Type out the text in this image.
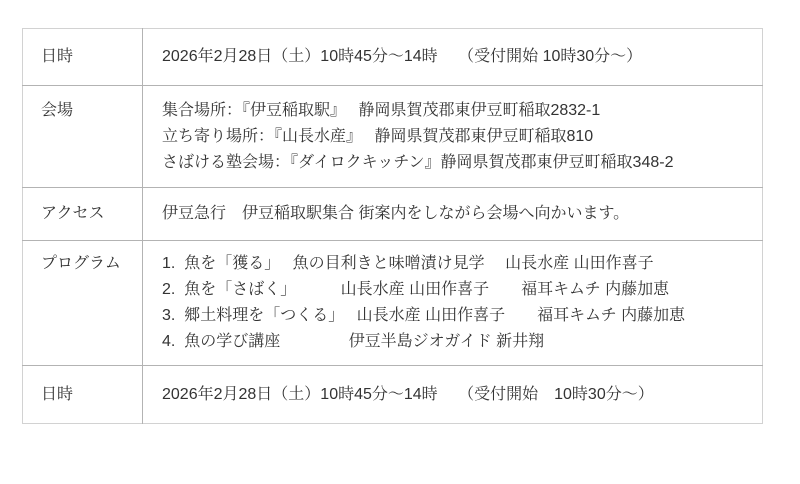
日時	2026年2月28日（土）10時45分～14時　 （受付開始 10時30分～）

会場	集合場所：『伊豆稲取駅』　 静岡県賀茂郡東伊豆町稲取2832-1
立ち寄り場所：『山長水産』　 静岡県賀茂郡東伊豆町稲取810
さばける塾会場：『ダイロクキッチン』静岡県賀茂郡東伊豆町稲取348-2

アクセス	伊豆急行　伊豆稲取駅集合 街案内をしながら会場へ向かいます。

プログラム	1.  魚を「獲る」　 魚の目利きと味噌漬け見学　 山長水産 山田作喜子
2.  魚を「さばく」　　　 山長水産 山田作喜子　　福耳キムチ 内藤加恵
3.  郷土料理を「つくる」　 山長水産 山田作喜子　　福耳キムチ 内藤加恵
4.  魚の学び講座　　　　 伊豆半島ジオガイド 新井翔

日時	2026年2月28日（土）10時45分～14時　 （受付開始　10時30分～）
